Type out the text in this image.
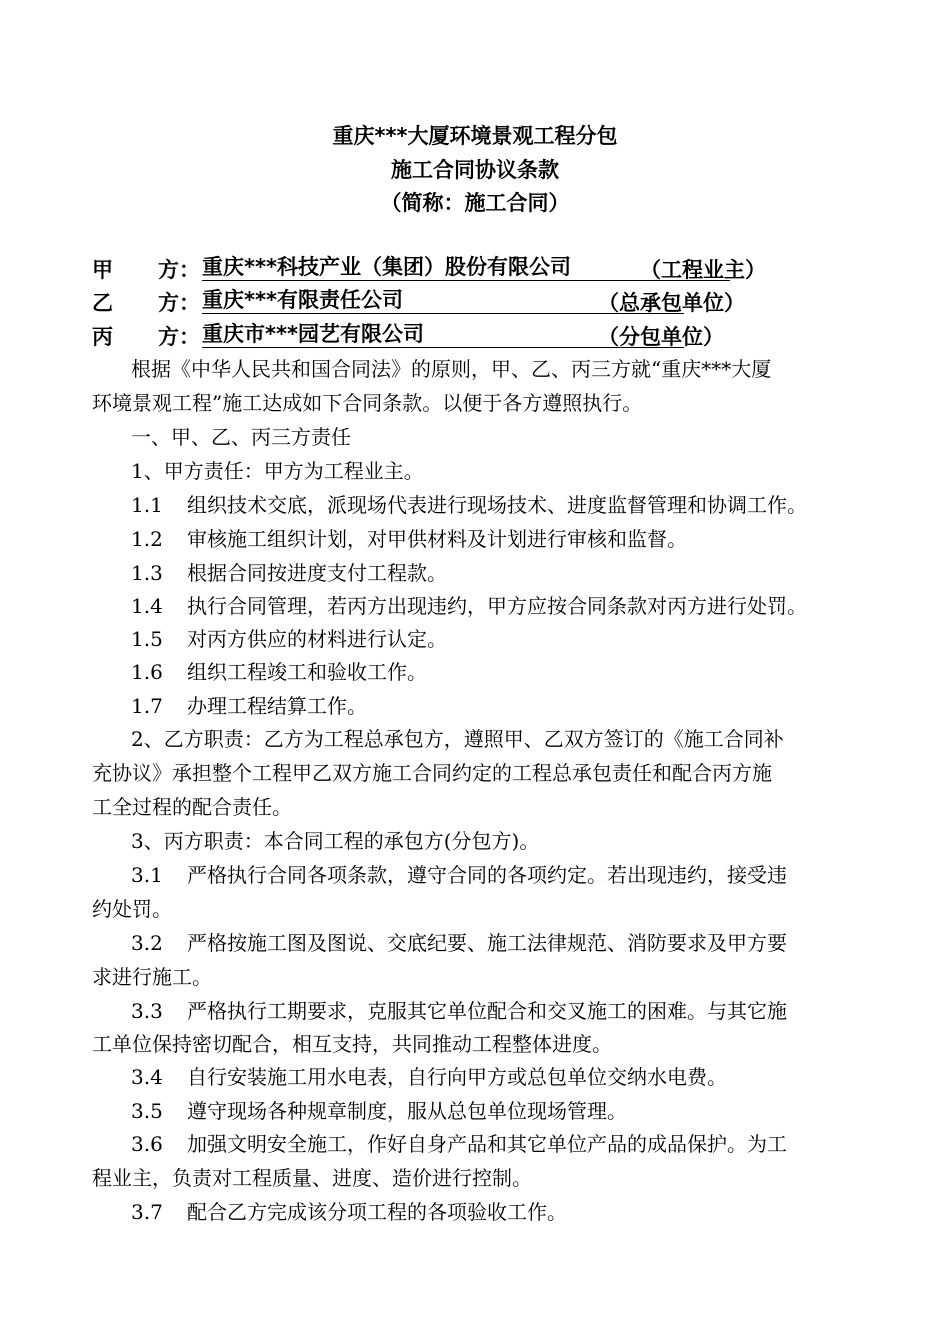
重庆***大厦环境景观工程分包
施工合同协议条款
（简称：施工合同）
甲 方： 重庆***科技产业（集团）股份有限公司	（工程业主）
乙 方： 重庆***有限责任公司	（总承包单位）
丙 方： 重庆市***园艺有限公司	（分包单位）
根据《中华人民共和国合同法》的原则，甲、乙、丙三方就“重庆***大厦
环境景观工程”施工达成如下合同条款。以便于各方遵照执行。
一、甲、乙、丙三方责任
1、甲方责任：甲方为工程业主。
1.1 组织技术交底，派现场代表进行现场技术、进度监督管理和协调工作。
1.2 审核施工组织计划，对甲供材料及计划进行审核和监督。
1.3 根据合同按进度支付工程款。
1.4 执行合同管理，若丙方出现违约，甲方应按合同条款对丙方进行处罚。
1.5 对丙方供应的材料进行认定。
1.6 组织工程竣工和验收工作。
1.7 办理工程结算工作。
2、乙方职责：乙方为工程总承包方，遵照甲、乙双方签订的《施工合同补
充协议》承担整个工程甲乙双方施工合同约定的工程总承包责任和配合丙方施
工全过程的配合责任。
3、丙方职责：本合同工程的承包方(分包方)。
3.1 严格执行合同各项条款，遵守合同的各项约定。若出现违约，接受违
约处罚。
3.2 严格按施工图及图说、交底纪要、施工法律规范、消防要求及甲方要
求进行施工。
3.3 严格执行工期要求，克服其它单位配合和交叉施工的困难。与其它施
工单位保持密切配合，相互支持，共同推动工程整体进度。
3.4 自行安装施工用水电表，自行向甲方或总包单位交纳水电费。
3.5 遵守现场各种规章制度，服从总包单位现场管理。
3.6 加强文明安全施工，作好自身产品和其它单位产品的成品保护。为工
程业主，负责对工程质量、进度、造价进行控制。
3.7 配合乙方完成该分项工程的各项验收工作。
